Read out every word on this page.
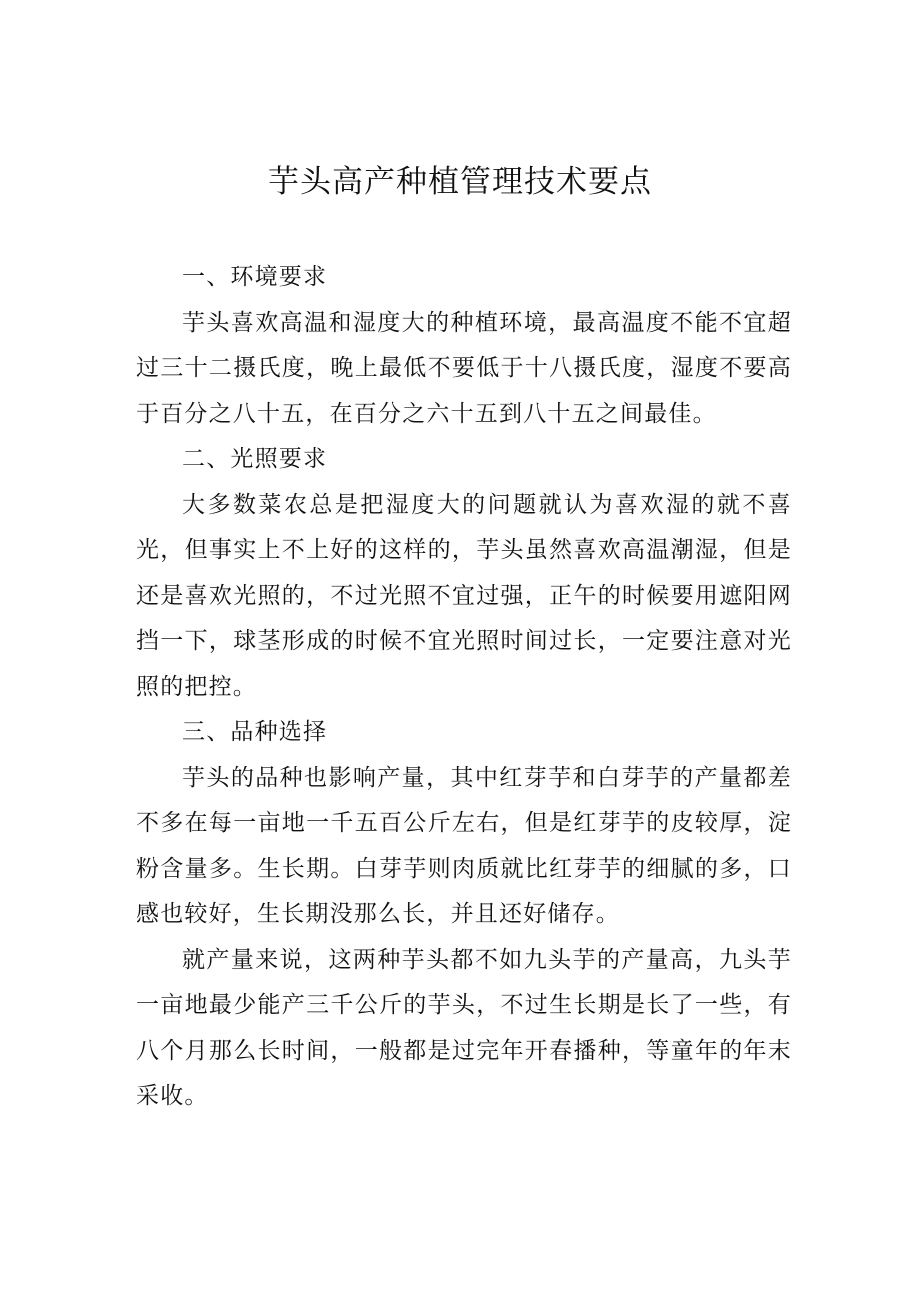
芋头高产种植管理技术要点

一、环境要求

芋头喜欢高温和湿度大的种植环境，最高温度不能不宜超过三十二摄氏度，晚上最低不要低于十八摄氏度，湿度不要高于百分之八十五，在百分之六十五到八十五之间最佳。

二、光照要求

大多数菜农总是把湿度大的问题就认为喜欢湿的就不喜光，但事实上不上好的这样的，芋头虽然喜欢高温潮湿，但是还是喜欢光照的，不过光照不宜过强，正午的时候要用遮阳网挡一下，球茎形成的时候不宜光照时间过长，一定要注意对光照的把控。

三、品种选择

芋头的品种也影响产量，其中红芽芋和白芽芋的产量都差不多在每一亩地一千五百公斤左右，但是红芽芋的皮较厚，淀粉含量多。生长期。白芽芋则肉质就比红芽芋的细腻的多，口感也较好，生长期没那么长，并且还好储存。

就产量来说，这两种芋头都不如九头芋的产量高，九头芋一亩地最少能产三千公斤的芋头，不过生长期是长了一些，有八个月那么长时间，一般都是过完年开春播种，等童年的年末采收。
